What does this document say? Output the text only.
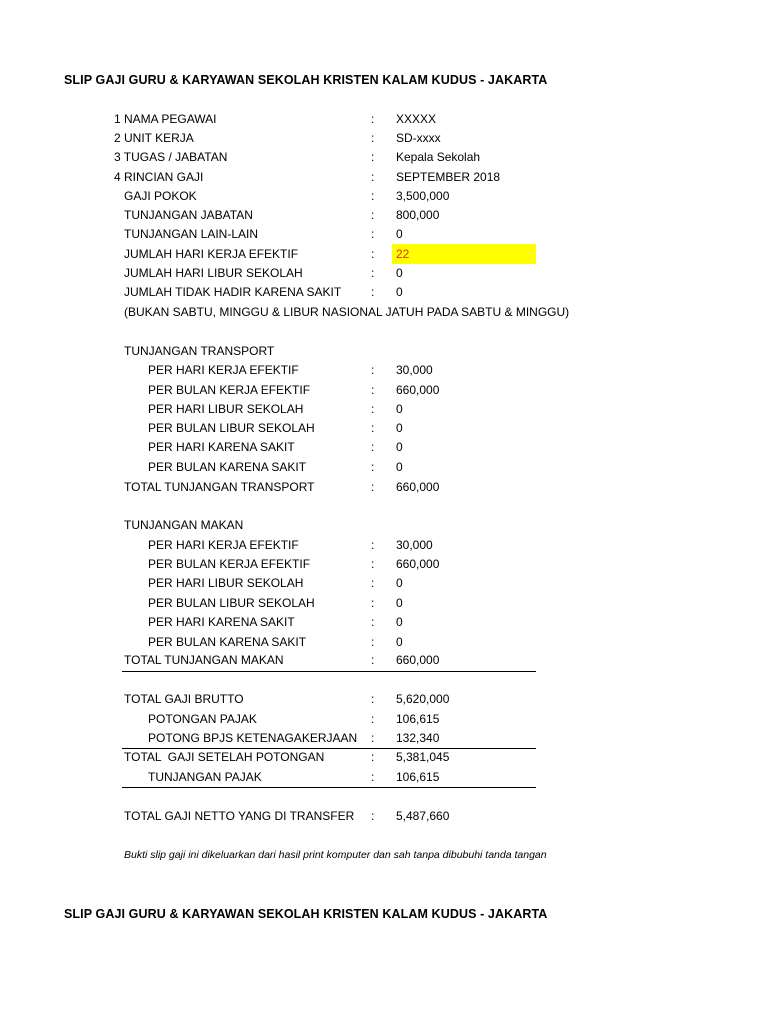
SLIP GAJI GURU & KARYAWAN SEKOLAH KRISTEN KALAM KUDUS - JAKARTA
1 NAMA PEGAWAI	: XXXXX
2 UNIT KERJA	: SD-xxxx
3 TUGAS / JABATAN	: Kepala Sekolah
4 RINCIAN GAJI	: SEPTEMBER 2018
GAJI POKOK	: 3,500,000
TUNJANGAN JABATAN	: 800,000
TUNJANGAN LAIN-LAIN	: 0
JUMLAH HARI KERJA EFEKTIF	: 22
JUMLAH HARI LIBUR SEKOLAH	: 0
JUMLAH TIDAK HADIR KARENA SAKIT : 0
(BUKAN SABTU, MINGGU & LIBUR NASIONAL JATUH PADA SABTU & MINGGU)
TUNJANGAN TRANSPORT
PER HARI KERJA EFEKTIF	: 30,000
PER BULAN KERJA EFEKTIF	: 660,000
PER HARI LIBUR SEKOLAH	: 0
PER BULAN LIBUR SEKOLAH	: 0
PER HARI KARENA SAKIT	: 0
PER BULAN KARENA SAKIT	: 0
TOTAL TUNJANGAN TRANSPORT	: 660,000
TUNJANGAN MAKAN
PER HARI KERJA EFEKTIF	: 30,000
PER BULAN KERJA EFEKTIF	: 660,000
PER HARI LIBUR SEKOLAH	: 0
PER BULAN LIBUR SEKOLAH	: 0
PER HARI KARENA SAKIT	: 0
PER BULAN KARENA SAKIT	: 0
TOTAL TUNJANGAN MAKAN	: 660,000
TOTAL GAJI BRUTTO	: 5,620,000
POTONGAN PAJAK	: 106,615
POTONG BPJS KETENAGAKERJAAN : 132,340
TOTAL  GAJI SETELAH POTONGAN	: 5,381,045
TUNJANGAN PAJAK	: 106,615
TOTAL GAJI NETTO YANG DI TRANSFER : 5,487,660
Bukti slip gaji ini dikeluarkan dari hasil print komputer dan sah tanpa dibubuhi tanda tangan
SLIP GAJI GURU & KARYAWAN SEKOLAH KRISTEN KALAM KUDUS - JAKARTA
